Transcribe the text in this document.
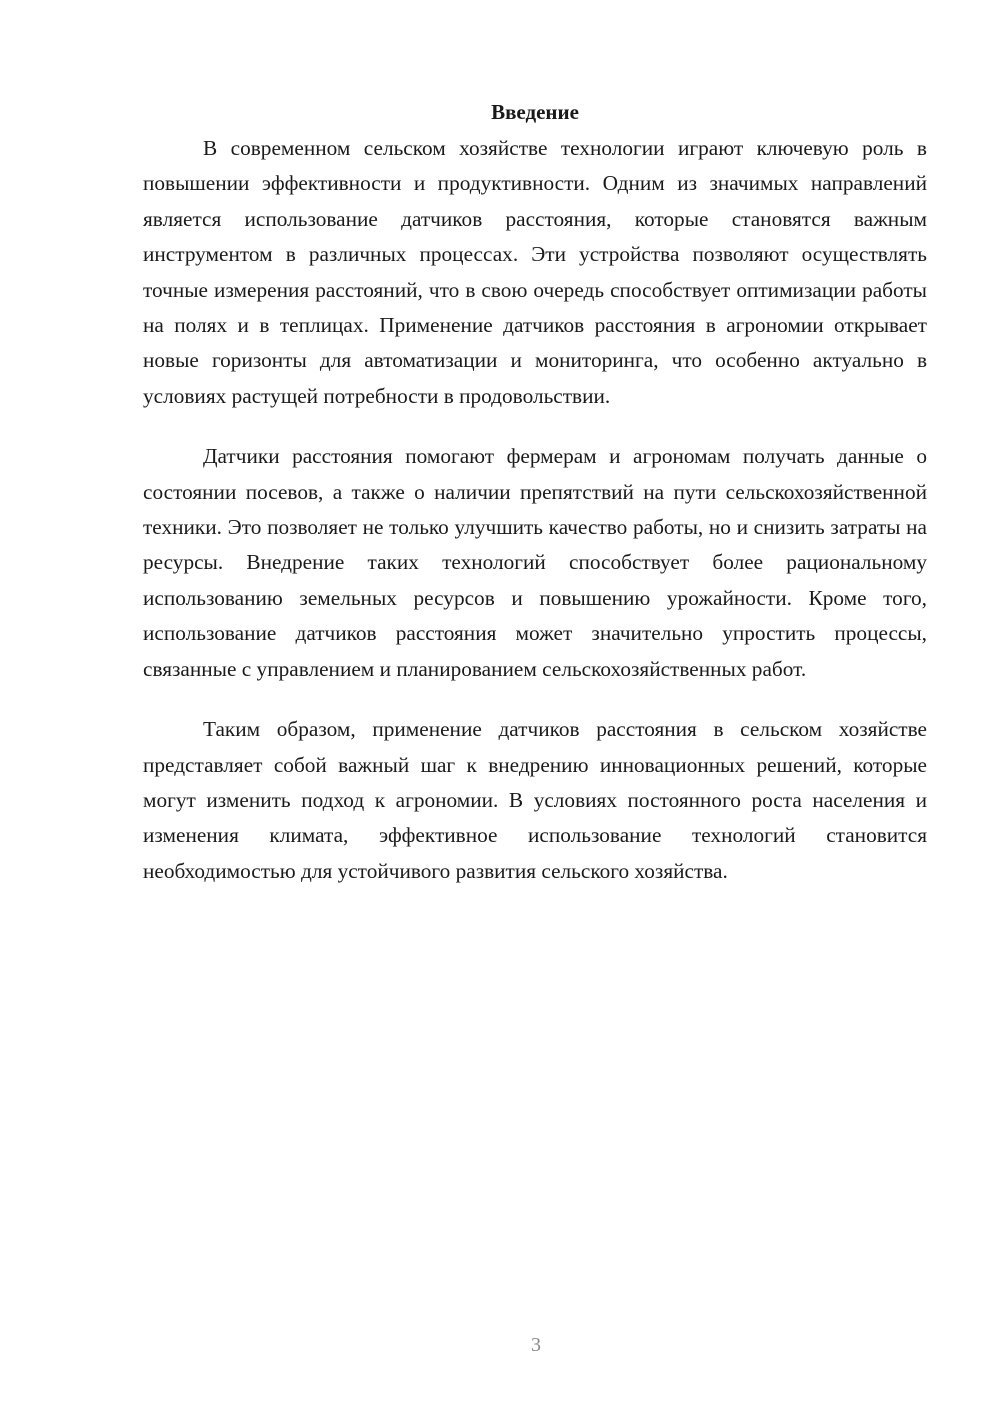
Введение

В современном сельском хозяйстве технологии играют ключевую роль в повышении эффективности и продуктивности. Одним из значимых направлений является использование датчиков расстояния, которые становятся важным инструментом в различных процессах. Эти устройства позволяют осуществлять точные измерения расстояний, что в свою очередь способствует оптимизации работы на полях и в теплицах. Применение датчиков расстояния в агрономии открывает новые горизонты для автоматизации и мониторинга, что особенно актуально в условиях растущей потребности в продовольствии.

Датчики расстояния помогают фермерам и агрономам получать данные о состоянии посевов, а также о наличии препятствий на пути сельскохозяйственной техники. Это позволяет не только улучшить качество работы, но и снизить затраты на ресурсы. Внедрение таких технологий способствует более рациональному использованию земельных ресурсов и повышению урожайности. Кроме того, использование датчиков расстояния может значительно упростить процессы, связанные с управлением и планированием сельскохозяйственных работ.

Таким образом, применение датчиков расстояния в сельском хозяйстве представляет собой важный шаг к внедрению инновационных решений, которые могут изменить подход к агрономии. В условиях постоянного роста населения и изменения климата, эффективное использование технологий становится необходимостью для устойчивого развития сельского хозяйства.

3
